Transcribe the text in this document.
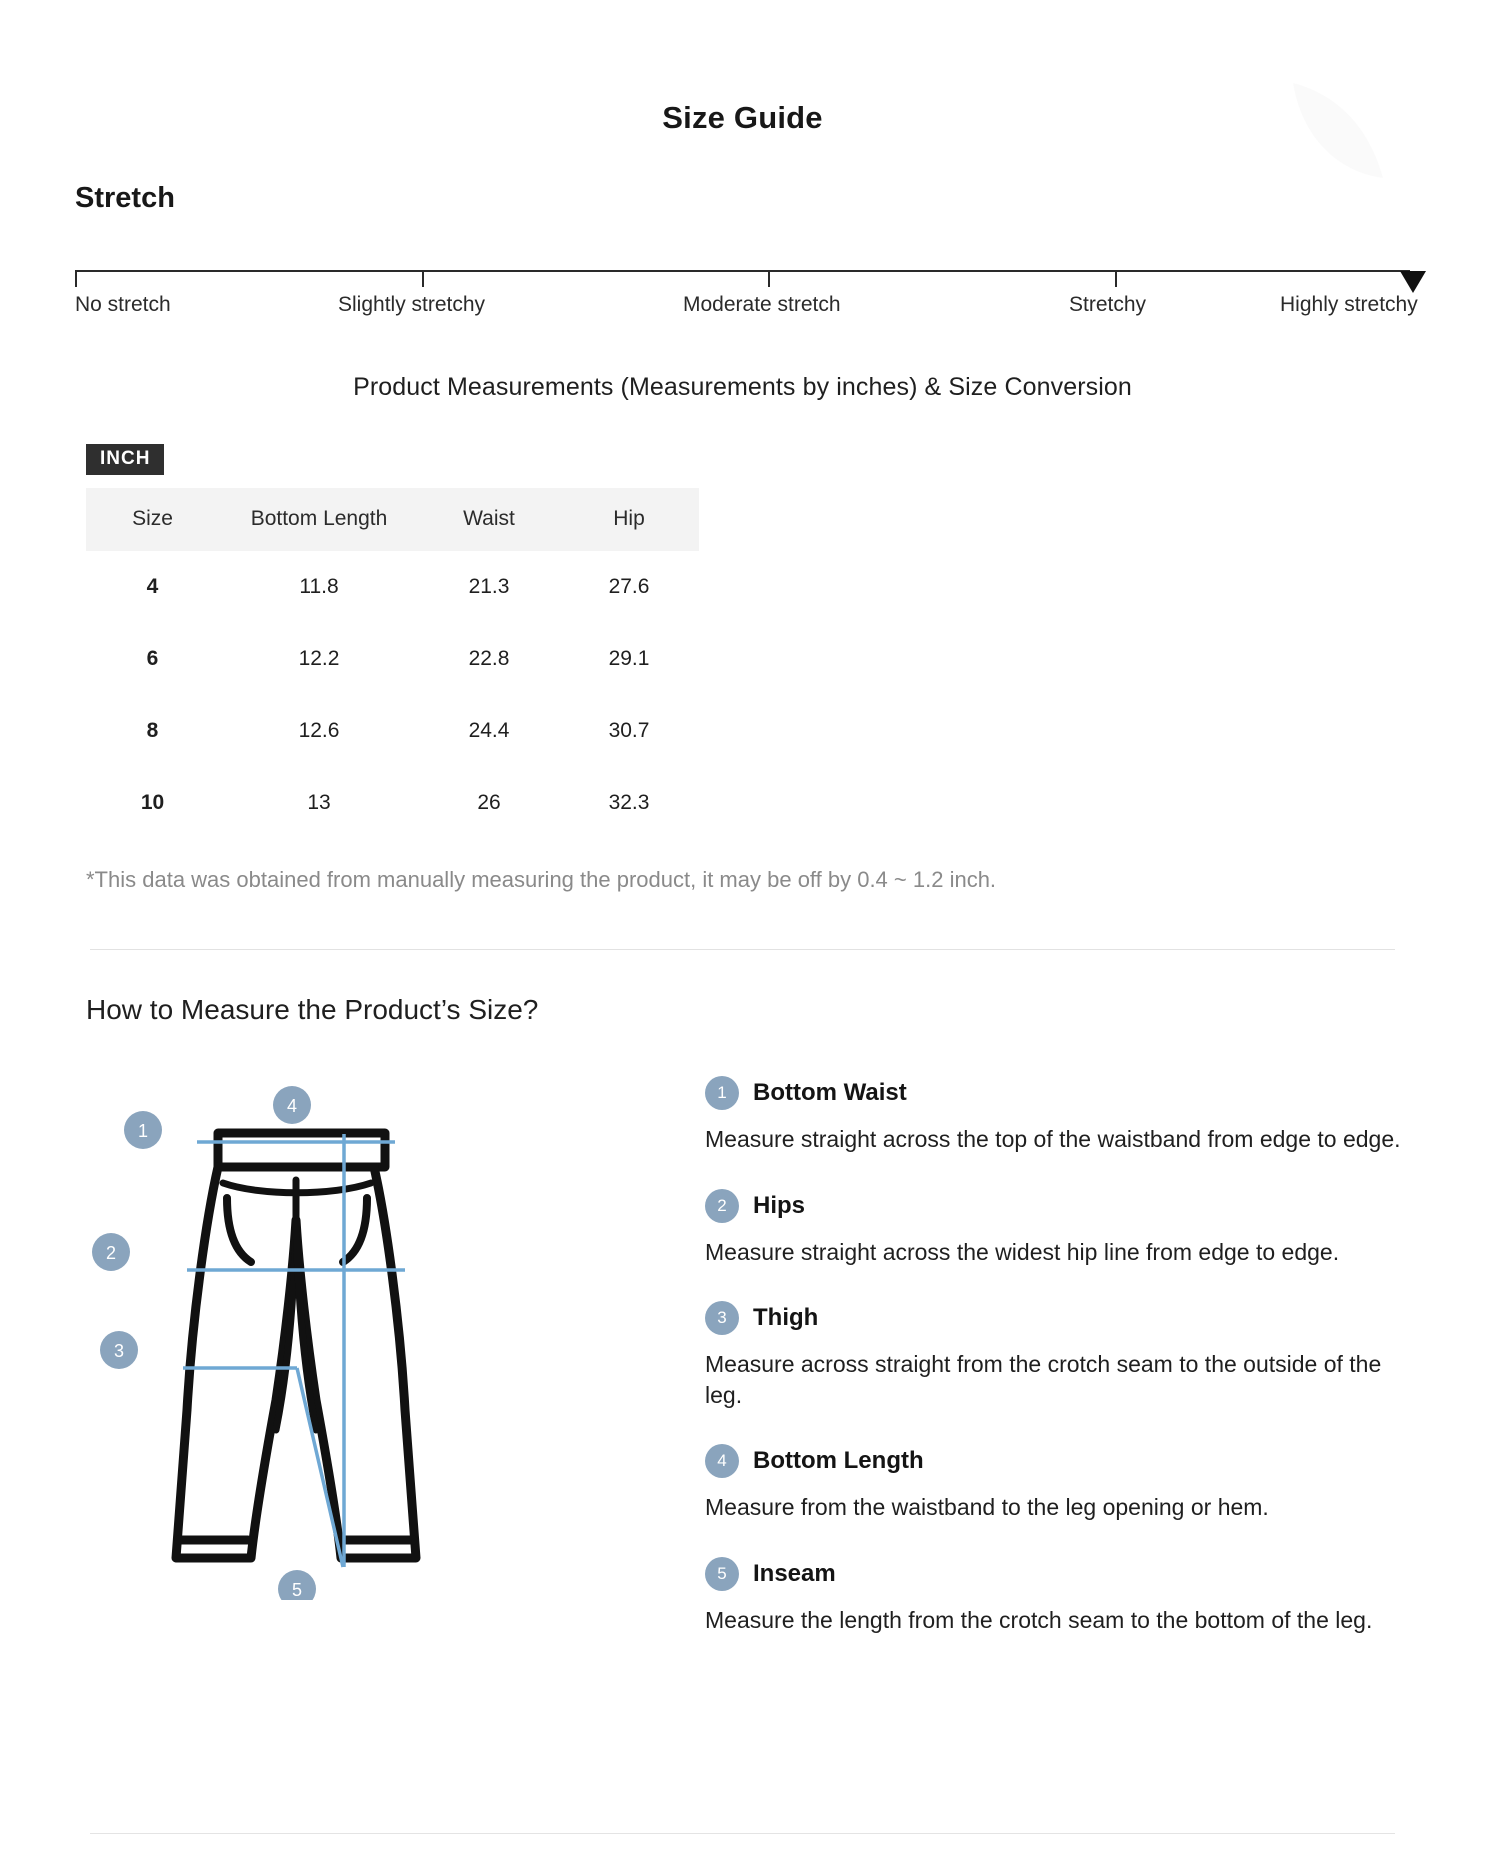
Size Guide
Stretch
No stretch	Slightly stretchy	Moderate stretch	Stretchy	Highly stretchy
Product Measurements (Measurements by inches) & Size Conversion
INCH
Size	Bottom Length	Waist	Hip
4	11.8	21.3	27.6
6	12.2	22.8	29.1
8	12.6	24.4	30.7
10	13	26	32.3
*This data was obtained from manually measuring the product, it may be off by 0.4 ~ 1.2 inch.
How to Measure the Product’s Size?
1
2
3
4
5
1	Bottom Waist
Measure straight across the top of the waistband from edge to edge.
2	Hips
Measure straight across the widest hip line from edge to edge.
3	Thigh
Measure across straight from the crotch seam to the outside of the leg.
4	Bottom Length
Measure from the waistband to the leg opening or hem.
5	Inseam
Measure the length from the crotch seam to the bottom of the leg.
